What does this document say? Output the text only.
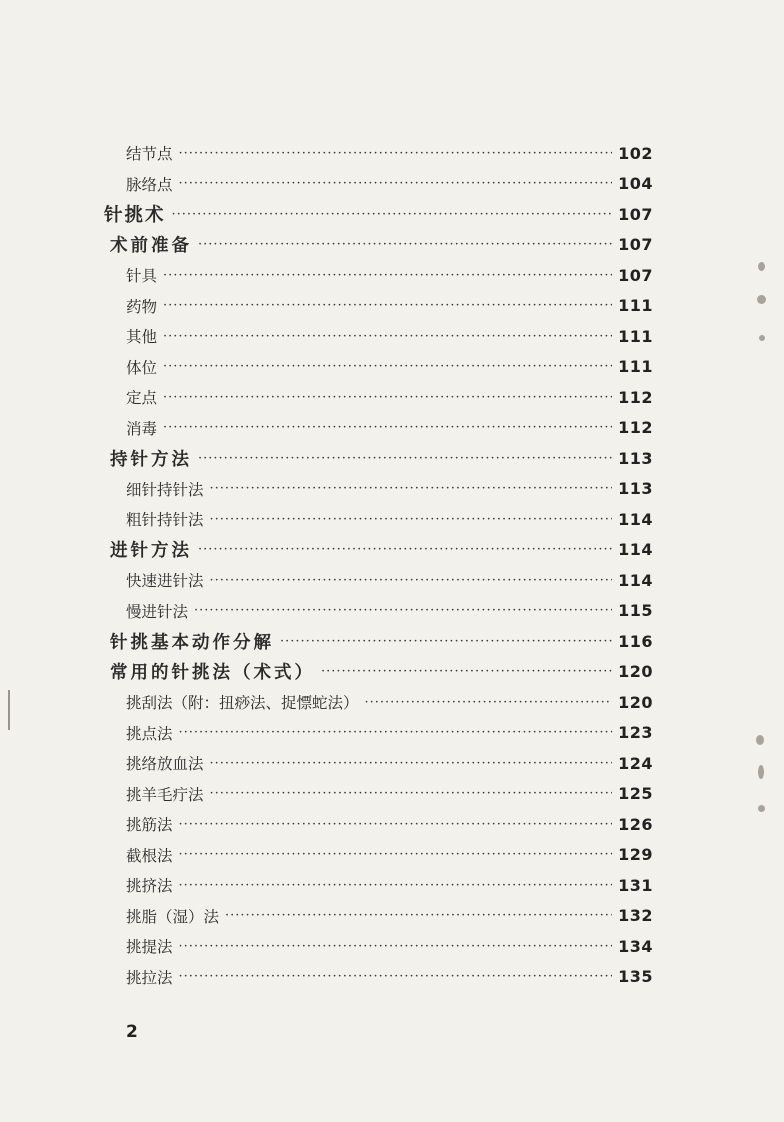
结节点 ·····	102
脉络点 ·····	104
针挑术 ·····	107
术前准备 ·····	107
针具 ·····	107
药物 ·····	111
其他 ·····	111
体位 ·····	111
定点 ·····	112
消毒 ·····	112
持针方法 ·····	113
细针持针法 ·····	113
粗针持针法 ·····	114
进针方法 ·····	114
快速进针法 ·····	114
慢进针法 ·····	115
针挑基本动作分解 ·····	116
常用的针挑法（术式） ·····	120
挑刮法（附：扭痧法、捉慓蛇法） ·····	120
挑点法 ·····	123
挑络放血法 ·····	124
挑羊毛疔法 ·····	125
挑筋法 ·····	126
截根法 ·····	129
挑挤法 ·····	131
挑脂（湿）法 ·····	132
挑提法 ·····	134
挑拉法 ·····	135
2
